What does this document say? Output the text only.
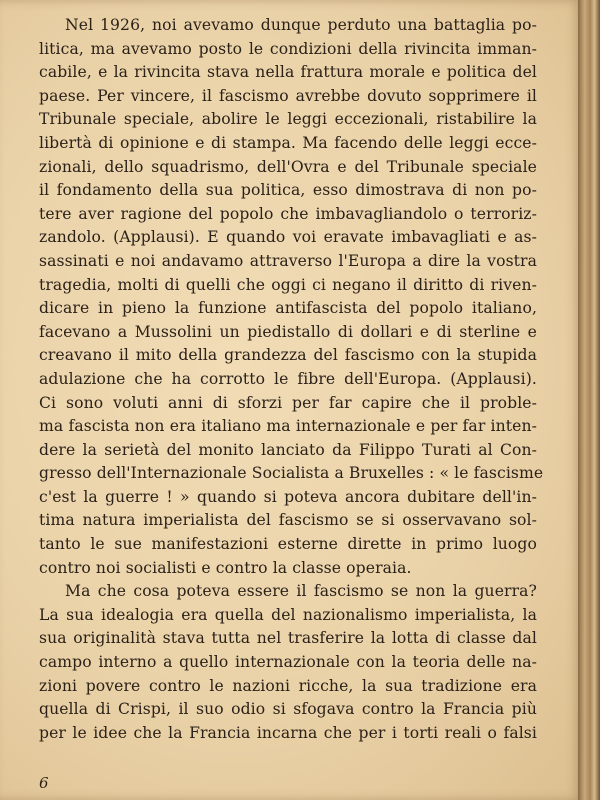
Nel 1926, noi avevamo dunque perduto una battaglia po-
litica, ma avevamo posto le condizioni della rivincita imman-
cabile, e la rivincita stava nella frattura morale e politica del
paese. Per vincere, il fascismo avrebbe dovuto sopprimere il
Tribunale speciale, abolire le leggi eccezionali, ristabilire la
libertà di opinione e di stampa. Ma facendo delle leggi ecce-
zionali, dello squadrismo, dell'Ovra e del Tribunale speciale
il fondamento della sua politica, esso dimostrava di non po-
tere aver ragione del popolo che imbavagliandolo o terroriz-
zandolo. (Applausi). E quando voi eravate imbavagliati e as-
sassinati e noi andavamo attraverso l'Europa a dire la vostra
tragedia, molti di quelli che oggi ci negano il diritto di riven-
dicare in pieno la funzione antifascista del popolo italiano,
facevano a Mussolini un piedistallo di dollari e di sterline e
creavano il mito della grandezza del fascismo con la stupida
adulazione che ha corrotto le fibre dell'Europa. (Applausi).
Ci sono voluti anni di sforzi per far capire che il proble-
ma fascista non era italiano ma internazionale e per far inten-
dere la serietà del monito lanciato da Filippo Turati al Con-
gresso dell'Internazionale Socialista a Bruxelles : « le fascisme
c'est la guerre ! » quando si poteva ancora dubitare dell'in-
tima natura imperialista del fascismo se si osservavano sol-
tanto le sue manifestazioni esterne dirette in primo luogo
contro noi socialisti e contro la classe operaia.
Ma che cosa poteva essere il fascismo se non la guerra?
La sua idealogia era quella del nazionalismo imperialista, la
sua originalità stava tutta nel trasferire la lotta di classe dal
campo interno a quello internazionale con la teoria delle na-
zioni povere contro le nazioni ricche, la sua tradizione era
quella di Crispi, il suo odio si sfogava contro la Francia più
per le idee che la Francia incarna che per i torti reali o falsi
6
